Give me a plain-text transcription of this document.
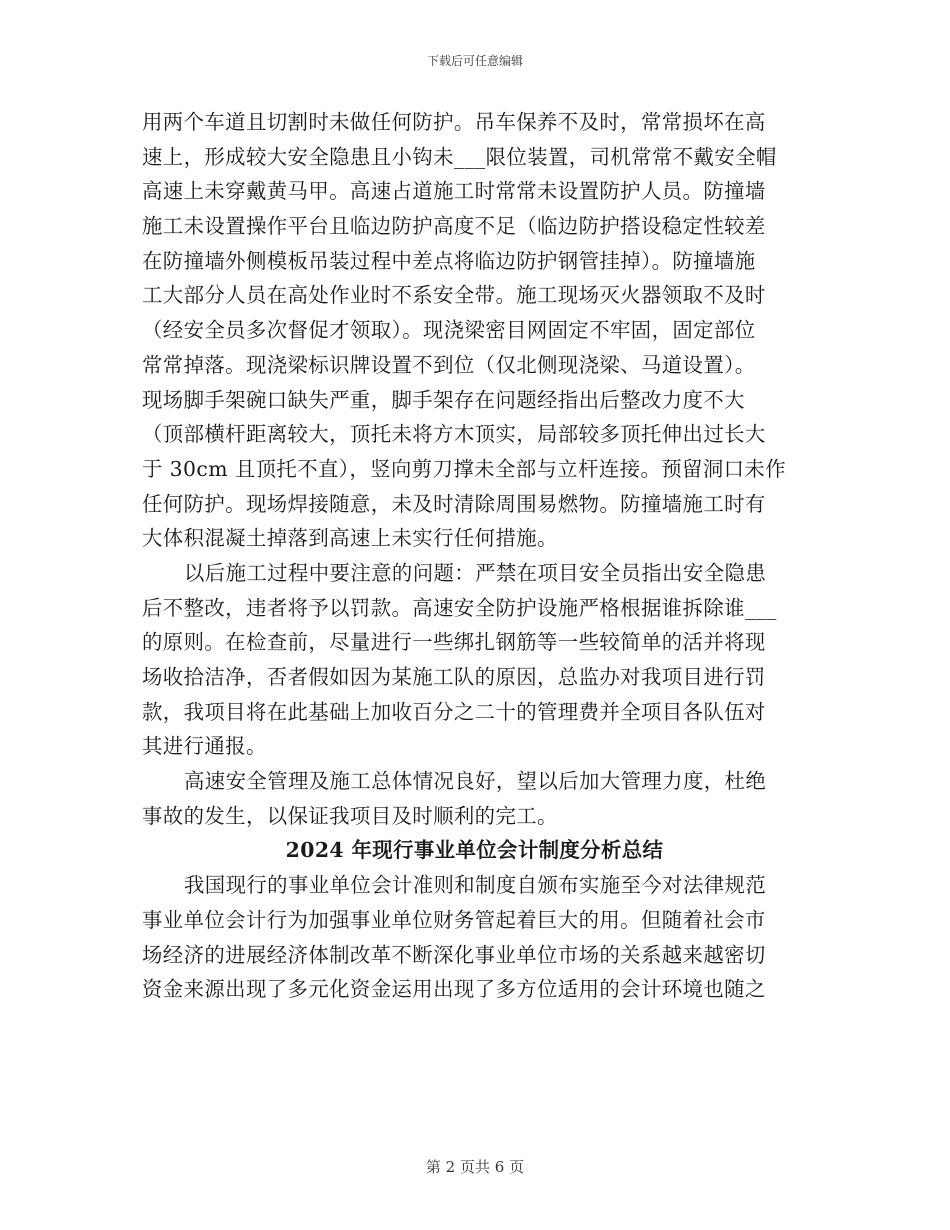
下载后可任意编辑
用两个车道且切割时未做任何防护。吊车保养不及时，常常损坏在高
速上，形成较大安全隐患且小钩未___限位装置，司机常常不戴安全帽
高速上未穿戴黄马甲。高速占道施工时常常未设置防护人员。防撞墙
施工未设置操作平台且临边防护高度不足（临边防护搭设稳定性较差
在防撞墙外侧模板吊装过程中差点将临边防护钢管挂掉）。防撞墙施
工大部分人员在高处作业时不系安全带。施工现场灭火器领取不及时
（经安全员多次督促才领取）。现浇梁密目网固定不牢固，固定部位
常常掉落。现浇梁标识牌设置不到位（仅北侧现浇梁、马道设置）。
现场脚手架碗口缺失严重，脚手架存在问题经指出后整改力度不大
（顶部横杆距离较大，顶托未将方木顶实，局部较多顶托伸出过长大
于 30cm 且顶托不直），竖向剪刀撑未全部与立杆连接。预留洞口未作
任何防护。现场焊接随意，未及时清除周围易燃物。防撞墙施工时有
大体积混凝土掉落到高速上未实行任何措施。
以后施工过程中要注意的问题：严禁在项目安全员指出安全隐患
后不整改，违者将予以罚款。高速安全防护设施严格根据谁拆除谁___
的原则。在检查前，尽量进行一些绑扎钢筋等一些较简单的活并将现
场收拾洁净，否者假如因为某施工队的原因，总监办对我项目进行罚
款，我项目将在此基础上加收百分之二十的管理费并全项目各队伍对
其进行通报。
高速安全管理及施工总体情况良好，望以后加大管理力度，杜绝
事故的发生，以保证我项目及时顺利的完工。
2024 年现行事业单位会计制度分析总结
我国现行的事业单位会计准则和制度自颁布实施至今对法律规范
事业单位会计行为加强事业单位财务管起着巨大的用。但随着社会市
场经济的进展经济体制改革不断深化事业单位市场的关系越来越密切
资金来源出现了多元化资金运用出现了多方位适用的会计环境也随之
第 2 页共 6 页
